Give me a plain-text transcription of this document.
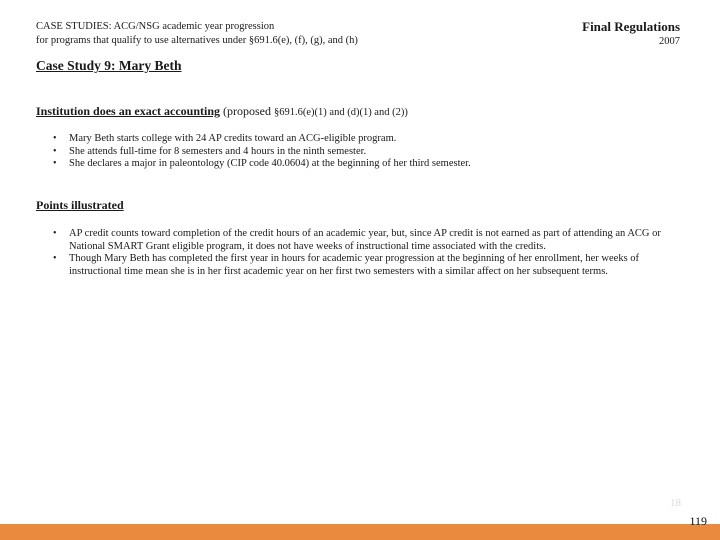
CASE STUDIES: ACG/NSG academic year progression
for programs that qualify to use alternatives under §691.6(e), (f), (g), and (h)
Final Regulations
2007
Case Study 9: Mary Beth
Institution does an exact accounting (proposed §691.6(e)(1) and (d)(1) and (2))
• Mary Beth starts college with 24 AP credits toward an ACG-eligible program.
• She attends full-time for 8 semesters and 4 hours in the ninth semester.
• She declares a major in paleontology (CIP code 40.0604) at the beginning of her third semester.
Points illustrated
• AP credit counts toward completion of the credit hours of an academic year, but, since AP credit is not earned as part of attending an ACG or National SMART Grant eligible program, it does not have weeks of instructional time associated with the credits.
• Though Mary Beth has completed the first year in hours for academic year progression at the beginning of her enrollment, her weeks of instructional time mean she is in her first academic year on her first two semesters with a similar affect on her subsequent terms.
18
119
